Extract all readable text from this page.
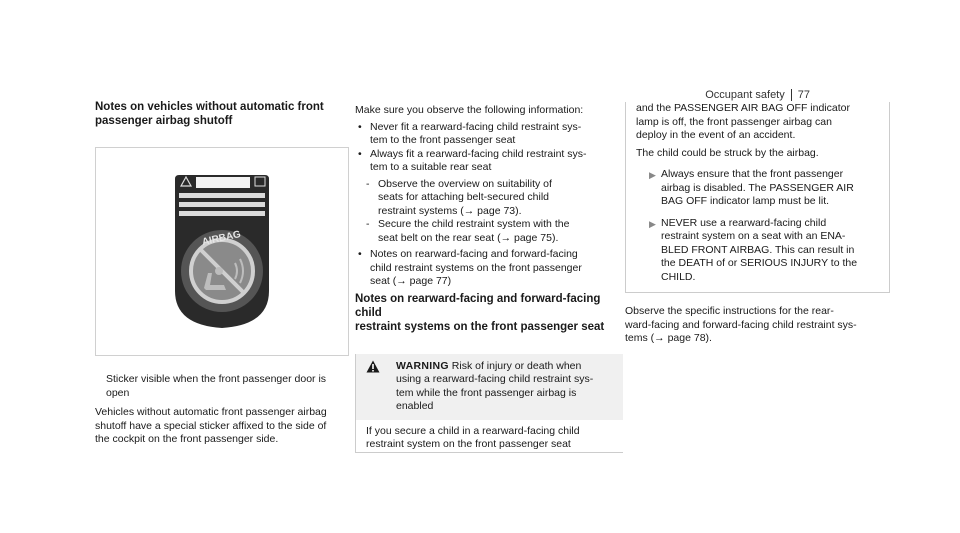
Occupant safety 77
Notes on vehicles without automatic front
passenger airbag shutoff
AIRBAG

Sticker visible when the front passenger door is
open

Vehicles without automatic front passenger airbag
shutoff have a special sticker affixed to the side of
the cockpit on the front passenger side.

Make sure you observe the following information:

• Never fit a rearward-facing child restraint sys-
tem to the front passenger seat
• Always fit a rearward-facing child restraint sys-
tem to a suitable rear seat
- Observe the overview on suitability of
seats for attaching belt-secured child
restraint systems (→ page 73).
- Secure the child restraint system with the
seat belt on the rear seat (→ page 75).
• Notes on rearward-facing and forward-facing
child restraint systems on the front passenger
seat (→ page 77)
Notes on rearward-facing and forward-facing child
restraint systems on the front passenger seat
WARNING Risk of injury or death when
using a rearward-facing child restraint sys-
tem while the front passenger airbag is
enabled
If you secure a child in a rearward-facing child
restraint system on the front passenger seat

and the PASSENGER AIR BAG OFF indicator
lamp is off, the front passenger airbag can
deploy in the event of an accident.

The child could be struck by the airbag.

▶ Always ensure that the front passenger
airbag is disabled. The PASSENGER AIR
BAG OFF indicator lamp must be lit.
▶ NEVER use a rearward-facing child
restraint system on a seat with an ENA-
BLED FRONT AIRBAG. This can result in
the DEATH of or SERIOUS INJURY to the
CHILD.

Observe the specific instructions for the rear-
ward-facing and forward-facing child restraint sys-
tems (→ page 78).
